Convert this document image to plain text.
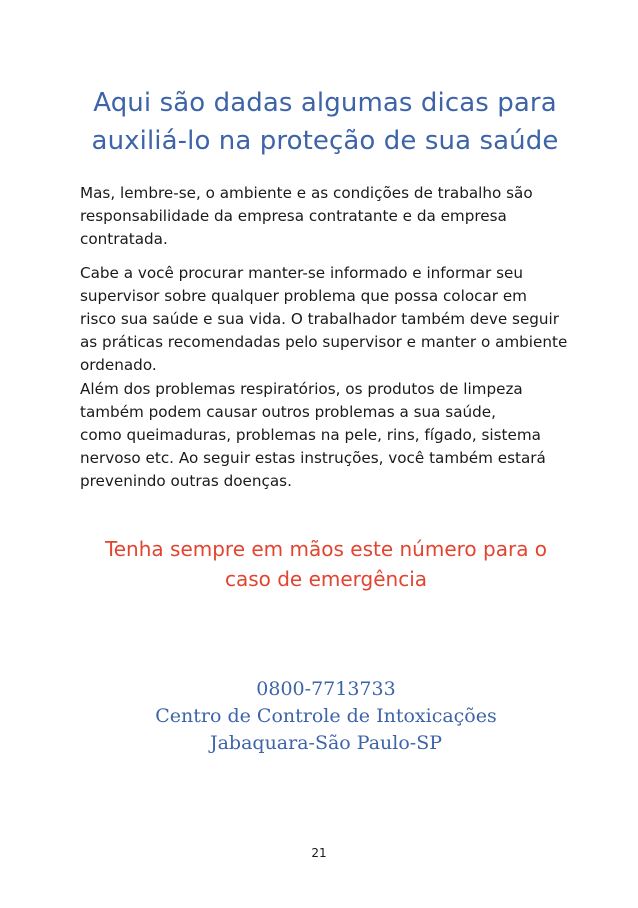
Aqui são dadas algumas dicas para
auxiliá-lo na proteção de sua saúde
Mas, lembre-se, o ambiente e as condições de trabalho são
responsabilidade da empresa contratante e da empresa
contratada.
Cabe a você procurar manter-se informado e informar seu
supervisor sobre qualquer problema que possa colocar em
risco sua saúde e sua vida. O trabalhador também deve seguir
as práticas recomendadas pelo supervisor e manter o ambiente
ordenado.
Além dos problemas respiratórios, os produtos de limpeza
também podem causar outros problemas a sua saúde,
como queimaduras, problemas na pele, rins, fígado, sistema
nervoso etc. Ao seguir estas instruções, você também estará
prevenindo outras doenças.
Tenha sempre em mãos este número para o
caso de emergência
0800-7713733
Centro de Controle de Intoxicações
Jabaquara-São Paulo-SP
21
